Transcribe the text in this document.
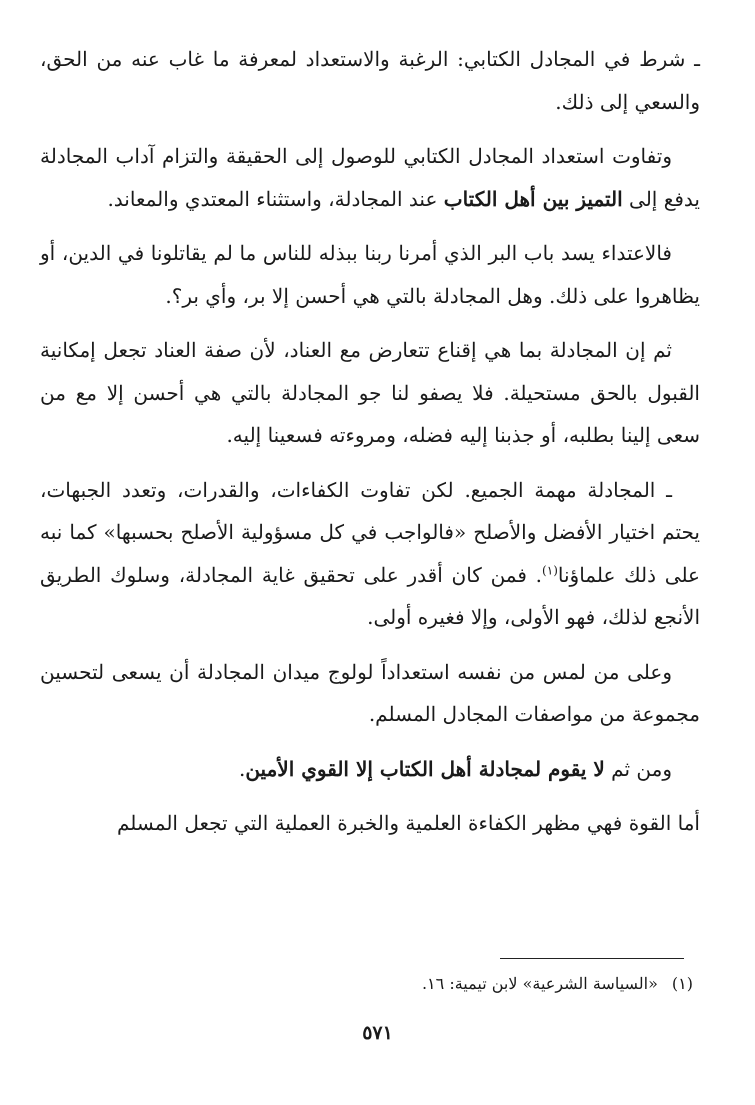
ـ شرط في المجادل الكتابي: الرغبة والاستعداد لمعرفة ما غاب عنه من الحق، والسعي إلى ذلك.

وتفاوت استعداد المجادل الكتابي للوصول إلى الحقيقة والتزام آداب المجادلة يدفع إلى التميز بين أهل الكتاب عند المجادلة، واستثناء المعتدي والمعاند.

فالاعتداء يسد باب البر الذي أمرنا ربنا ببذله للناس ما لم يقاتلونا في الدين، أو يظاهروا على ذلك. وهل المجادلة بالتي هي أحسن إلا بر، وأي بر؟.

ثم إن المجادلة بما هي إقناع تتعارض مع العناد، لأن صفة العناد تجعل إمكانية القبول بالحق مستحيلة. فلا يصفو لنا جو المجادلة بالتي هي أحسن إلا مع من سعى إلينا بطلبه، أو جذبنا إليه فضله، ومروءته فسعينا إليه.

ـ المجادلة مهمة الجميع. لكن تفاوت الكفاءات، والقدرات، وتعدد الجبهات، يحتم اختيار الأفضل والأصلح «فالواجب في كل مسؤولية الأصلح بحسبها» كما نبه على ذلك علماؤنا$^{(١)}$. فمن كان أقدر على تحقيق غاية المجادلة، وسلوك الطريق الأنجع لذلك، فهو الأولى، وإلا فغيره أولى.

وعلى من لمس من نفسه استعداداً لولوج ميدان المجادلة أن يسعى لتحسين مجموعة من مواصفات المجادل المسلم.

ومن ثم لا يقوم لمجادلة أهل الكتاب إلا القوي الأمين.

أما القوة فهي مظهر الكفاءة العلمية والخبرة العملية التي تجعل المسلم

(١)«السياسة الشرعية» لابن تيمية: ١٦.
٥٧١
